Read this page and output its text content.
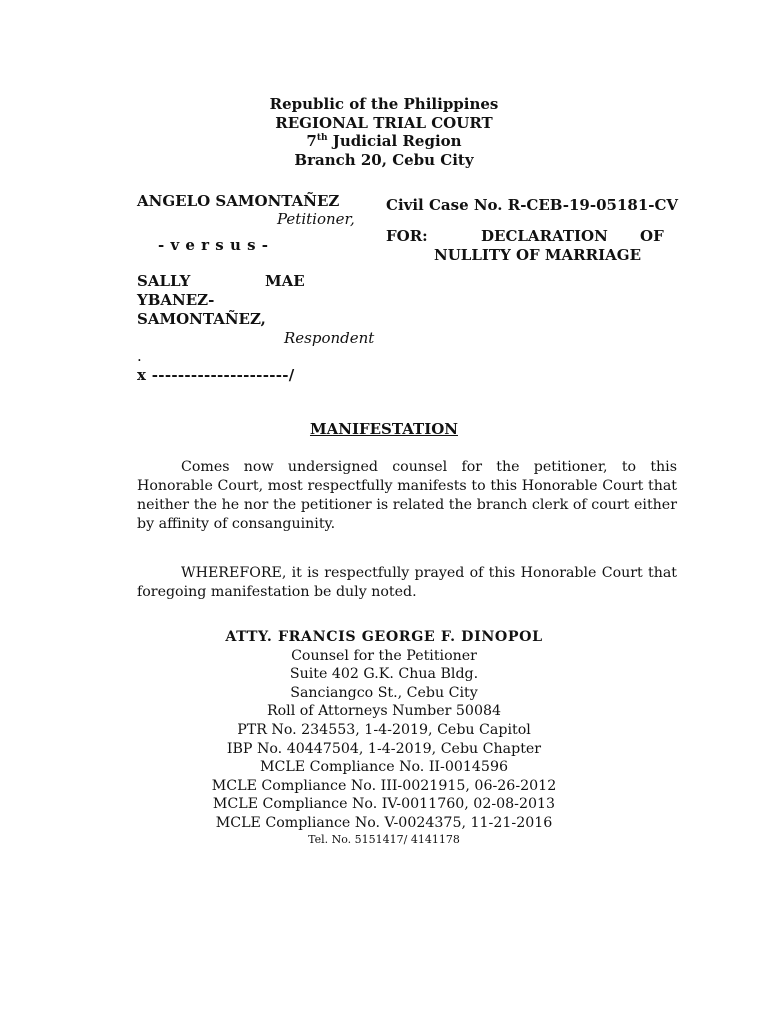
Republic of the Philippines
REGIONAL TRIAL COURT
7th Judicial Region
Branch 20, Cebu City
ANGELO SAMONTAÑEZ
Petitioner,
- v e r s u s -
SALLY	MAE
YBANEZ-
SAMONTAÑEZ,
Respondent
.
x ---------------------/
Civil Case No. R-CEB-19-05181-CV
FOR:	DECLARATION OF
NULLITY OF MARRIAGE
MANIFESTATION
Comes now undersigned counsel for the petitioner, to this Honorable Court, most respectfully manifests to this Honorable Court that neither the he nor the petitioner is related the branch clerk of court either by affinity of consanguinity.
WHEREFORE, it is respectfully prayed of this Honorable Court that foregoing manifestation be duly noted.
ATTY. FRANCIS GEORGE F. DINOPOL
Counsel for the Petitioner
Suite 402 G.K. Chua Bldg.
Sanciangco St., Cebu City
Roll of Attorneys Number 50084
PTR No. 234553, 1-4-2019, Cebu Capitol
IBP No. 40447504, 1-4-2019, Cebu Chapter
MCLE Compliance No. II-0014596
MCLE Compliance No. III-0021915, 06-26-2012
MCLE Compliance No. IV-0011760, 02-08-2013
MCLE Compliance No. V-0024375, 11-21-2016
Tel. No. 5151417/ 4141178
